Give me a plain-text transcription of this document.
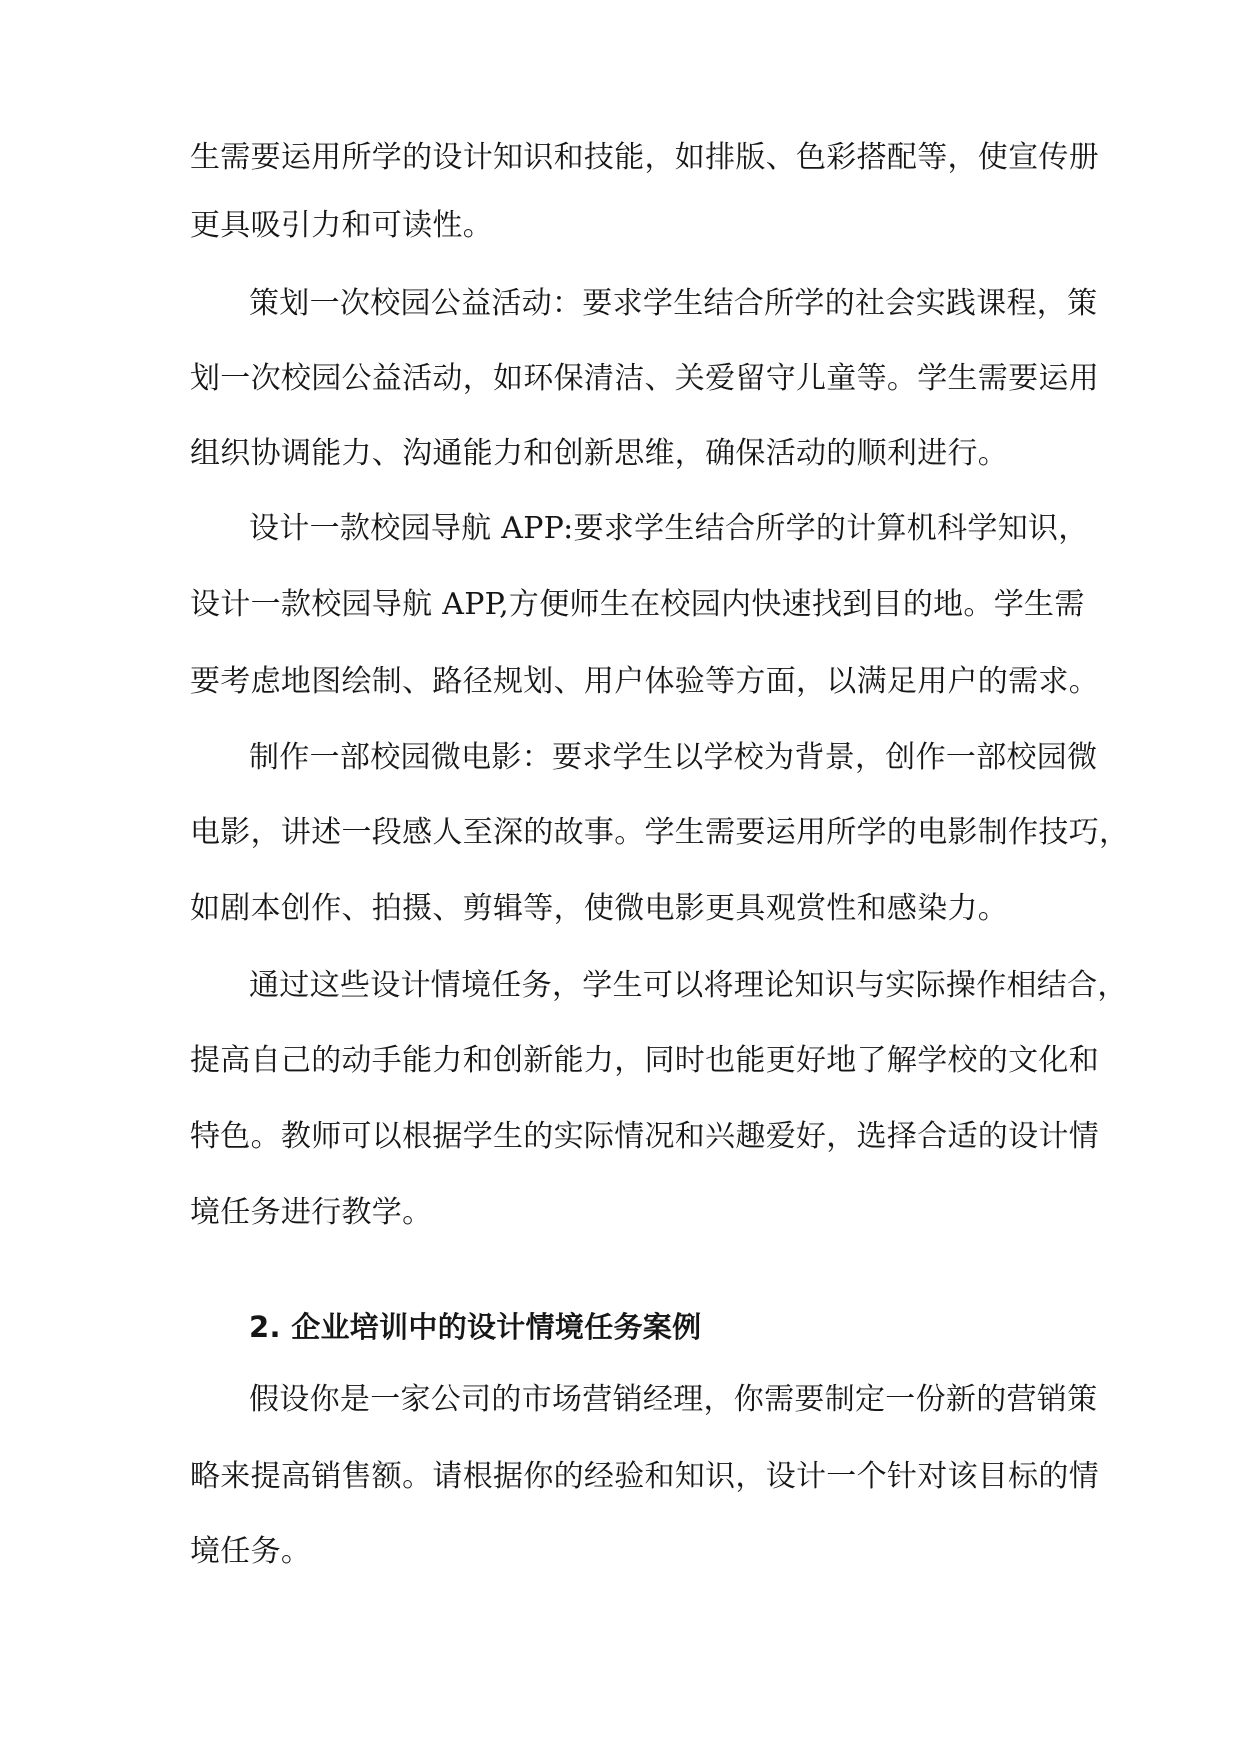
生需要运用所学的设计知识和技能，如排版、色彩搭配等，使宣传册

更具吸引力和可读性。

策划一次校园公益活动：要求学生结合所学的社会实践课程，策

划一次校园公益活动，如环保清洁、关爱留守儿童等。学生需要运用

组织协调能力、沟通能力和创新思维，确保活动的顺利进行。

设计一款校园导航 APP:要求学生结合所学的计算机科学知识，

设计一款校园导航 APP,方便师生在校园内快速找到目的地。学生需

要考虑地图绘制、路径规划、用户体验等方面，以满足用户的需求。

制作一部校园微电影：要求学生以学校为背景，创作一部校园微

电影，讲述一段感人至深的故事。学生需要运用所学的电影制作技巧，

如剧本创作、拍摄、剪辑等，使微电影更具观赏性和感染力。

通过这些设计情境任务，学生可以将理论知识与实际操作相结合，

提高自己的动手能力和创新能力，同时也能更好地了解学校的文化和

特色。教师可以根据学生的实际情况和兴趣爱好，选择合适的设计情

境任务进行教学。

2. 企业培训中的设计情境任务案例

假设你是一家公司的市场营销经理，你需要制定一份新的营销策

略来提高销售额。请根据你的经验和知识，设计一个针对该目标的情

境任务。
